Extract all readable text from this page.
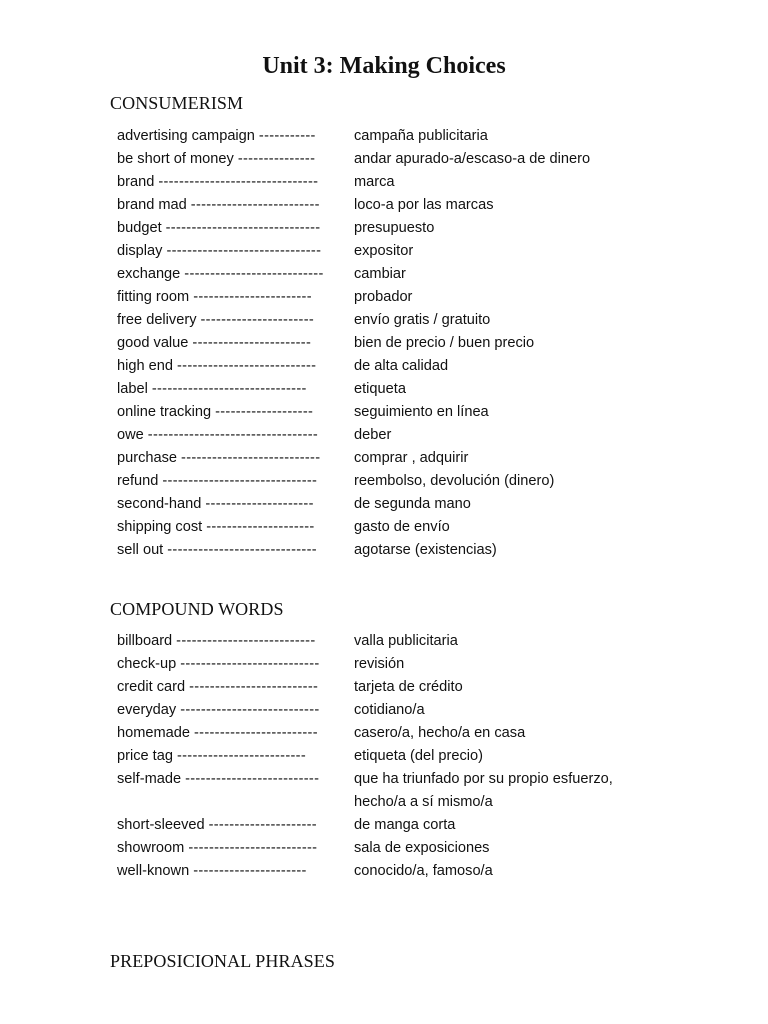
Unit 3: Making Choices
CONSUMERISM
advertising campaign -----------	campaña publicitaria
be short of money ---------------	andar apurado-a/escaso-a de dinero
brand -------------------------------	marca
brand mad -------------------------	loco-a por las marcas
budget ------------------------------	presupuesto
display ------------------------------	expositor
exchange ---------------------------	cambiar
fitting room -----------------------	probador
free delivery ----------------------	envío gratis / gratuito
good value -----------------------	bien de precio / buen precio
high end ---------------------------	de alta calidad
label ------------------------------	etiqueta
online tracking -------------------	seguimiento en línea
owe ---------------------------------	deber
purchase ---------------------------	comprar , adquirir
refund ------------------------------	reembolso, devolución (dinero)
second-hand ---------------------	de segunda mano
shipping cost ---------------------	gasto de envío
sell out -----------------------------	agotarse (existencias)
COMPOUND WORDS
billboard ---------------------------	valla publicitaria
check-up ---------------------------	revisión
credit card -------------------------	tarjeta de crédito
everyday ---------------------------	cotidiano/a
homemade ------------------------	casero/a, hecho/a en casa
price tag -------------------------	etiqueta (del precio)
self-made --------------------------	que ha triunfado por su propio esfuerzo,
hecho/a a sí mismo/a
short-sleeved ---------------------	de manga corta
showroom -------------------------	sala de exposiciones
well-known ----------------------	conocido/a, famoso/a
PREPOSICIONAL PHRASES
